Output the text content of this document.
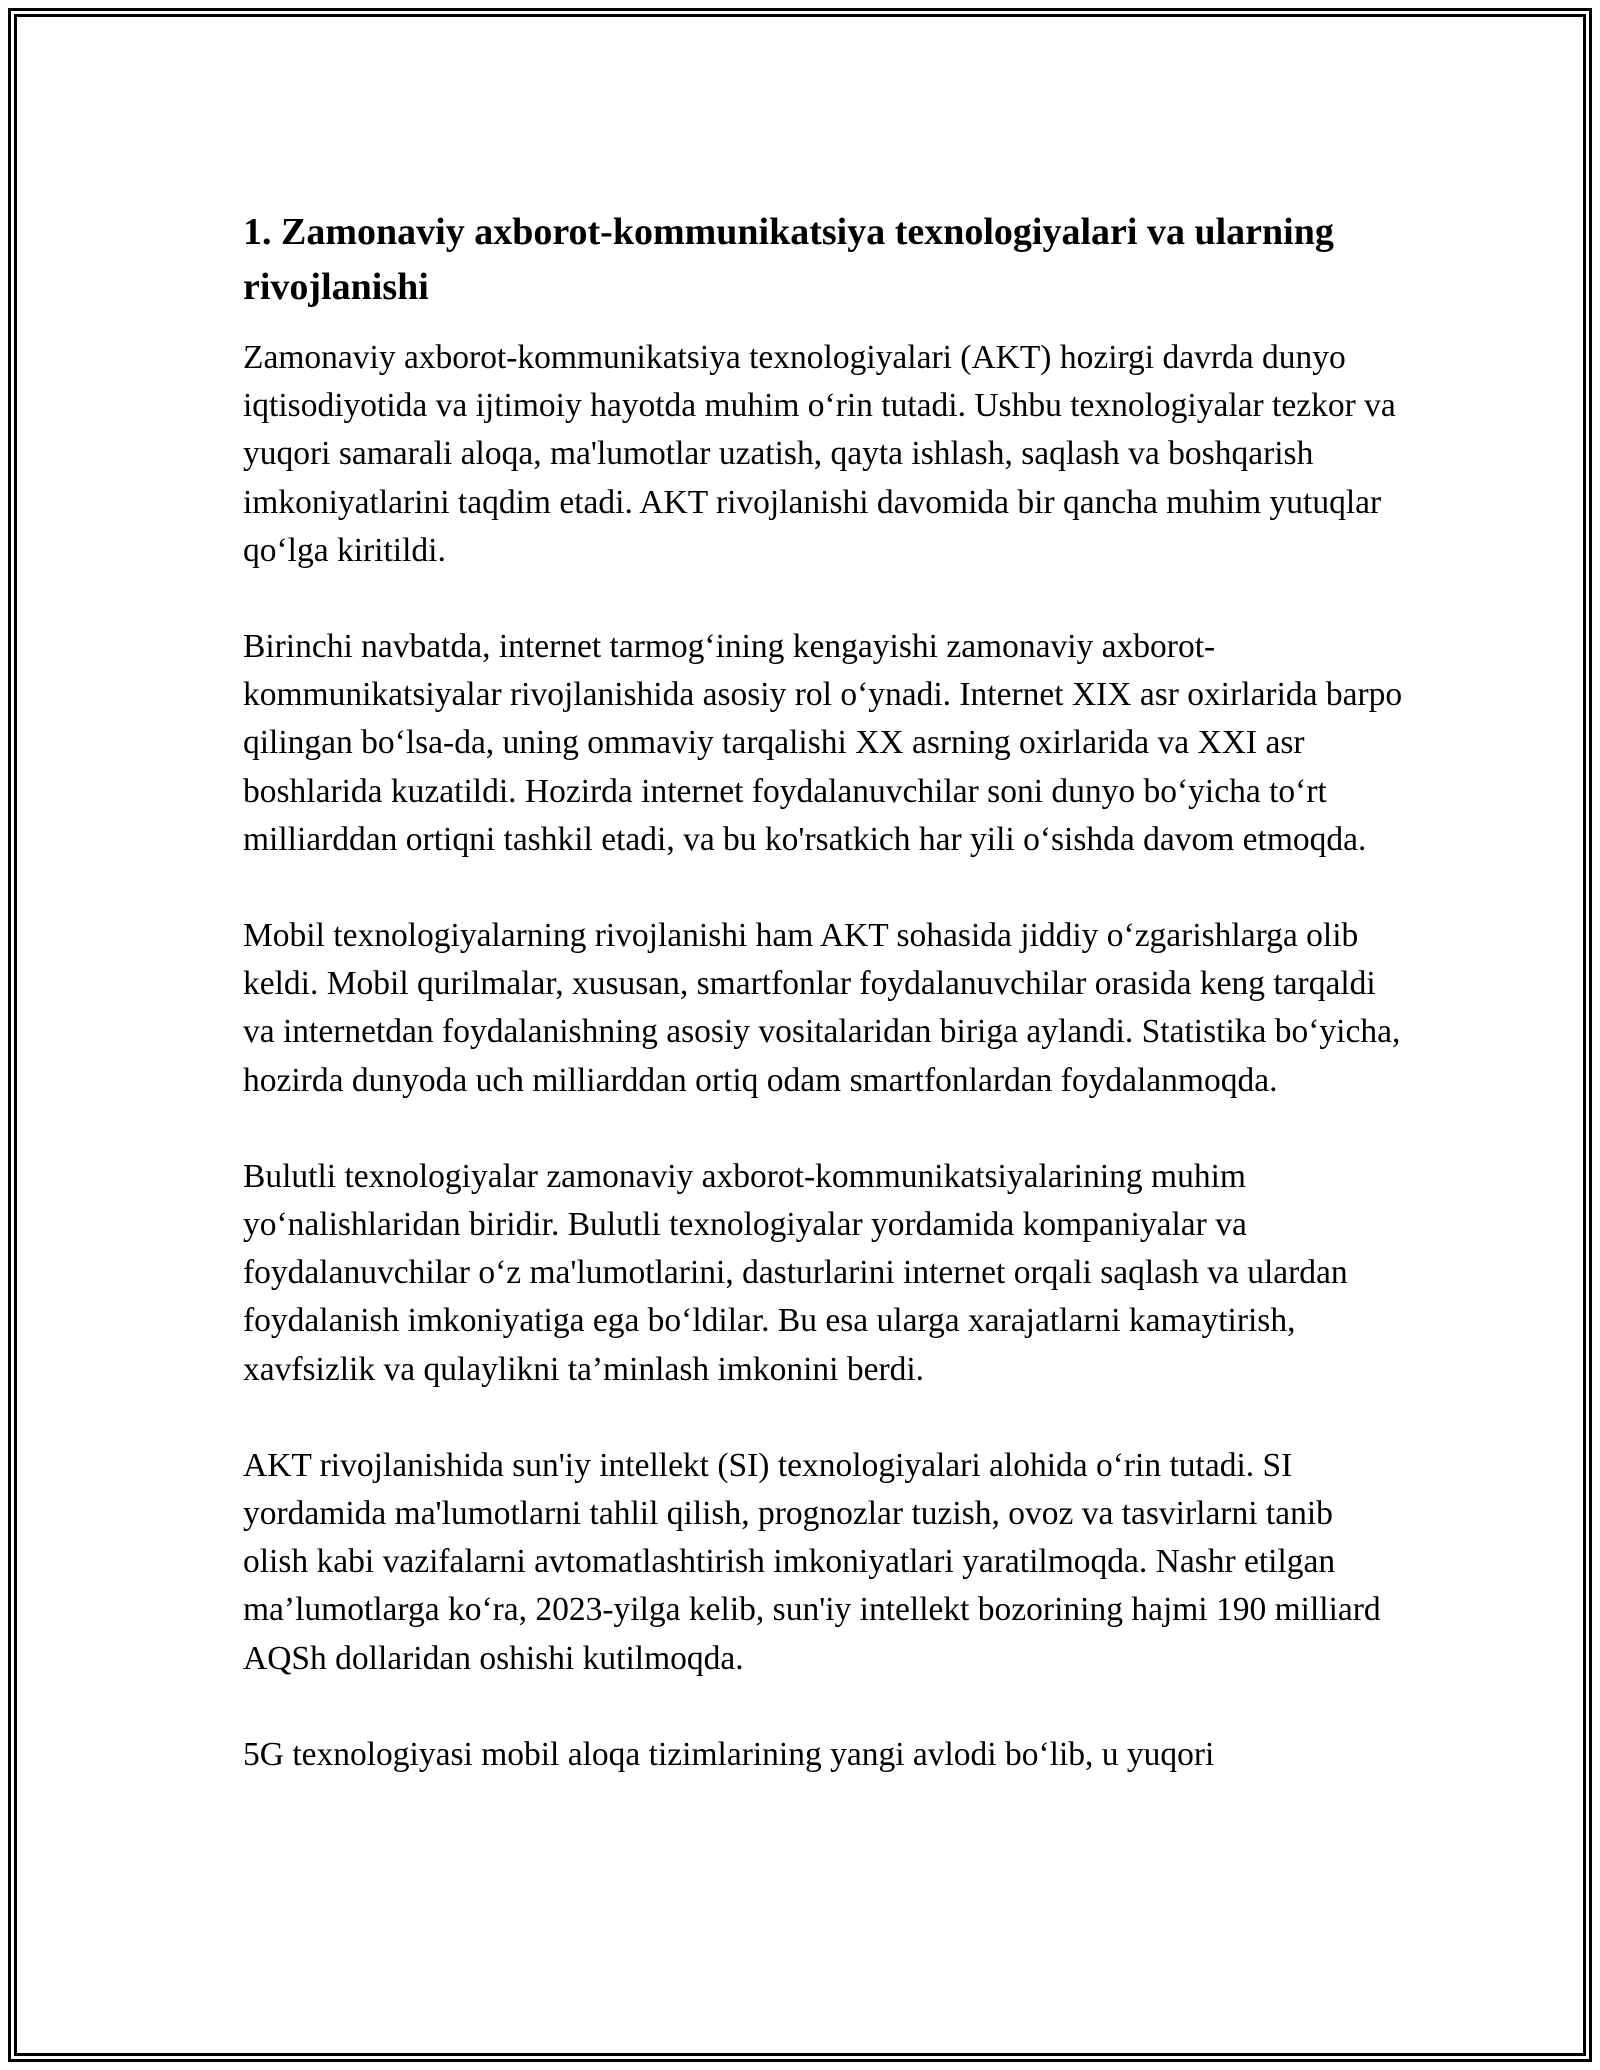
1. Zamonaviy axborot-kommunikatsiya texnologiyalari va ularning rivojlanishi

Zamonaviy axborot-kommunikatsiya texnologiyalari (AKT) hozirgi davrda dunyo iqtisodiyotida va ijtimoiy hayotda muhim o‘rin tutadi. Ushbu texnologiyalar tezkor va yuqori samarali aloqa, ma'lumotlar uzatish, qayta ishlash, saqlash va boshqarish imkoniyatlarini taqdim etadi. AKT rivojlanishi davomida bir qancha muhim yutuqlar qo‘lga kiritildi.

Birinchi navbatda, internet tarmog‘ining kengayishi zamonaviy axborot-kommunikatsiyalar rivojlanishida asosiy rol o‘ynadi. Internet XIX asr oxirlarida barpo qilingan bo‘lsa-da, uning ommaviy tarqalishi XX asrning oxirlarida va XXI asr boshlarida kuzatildi. Hozirda internet foydalanuvchilar soni dunyo bo‘yicha to‘rt milliarddan ortiqni tashkil etadi, va bu ko'rsatkich har yili o‘sishda davom etmoqda.

Mobil texnologiyalarning rivojlanishi ham AKT sohasida jiddiy o‘zgarishlarga olib keldi. Mobil qurilmalar, xususan, smartfonlar foydalanuvchilar orasida keng tarqaldi va internetdan foydalanishning asosiy vositalaridan biriga aylandi. Statistika bo‘yicha, hozirda dunyoda uch milliarddan ortiq odam smartfonlardan foydalanmoqda.

Bulutli texnologiyalar zamonaviy axborot-kommunikatsiyalarining muhim yo‘nalishlaridan biridir. Bulutli texnologiyalar yordamida kompaniyalar va foydalanuvchilar o‘z ma'lumotlarini, dasturlarini internet orqali saqlash va ulardan foydalanish imkoniyatiga ega bo‘ldilar. Bu esa ularga xarajatlarni kamaytirish, xavfsizlik va qulaylikni ta’minlash imkonini berdi.

AKT rivojlanishida sun'iy intellekt (SI) texnologiyalari alohida o‘rin tutadi. SI yordamida ma'lumotlarni tahlil qilish, prognozlar tuzish, ovoz va tasvirlarni tanib olish kabi vazifalarni avtomatlashtirish imkoniyatlari yaratilmoqda. Nashr etilgan ma’lumotlarga ko‘ra, 2023-yilga kelib, sun'iy intellekt bozorining hajmi 190 milliard AQSh dollaridan oshishi kutilmoqda.

5G texnologiyasi mobil aloqa tizimlarining yangi avlodi bo‘lib, u yuqori
